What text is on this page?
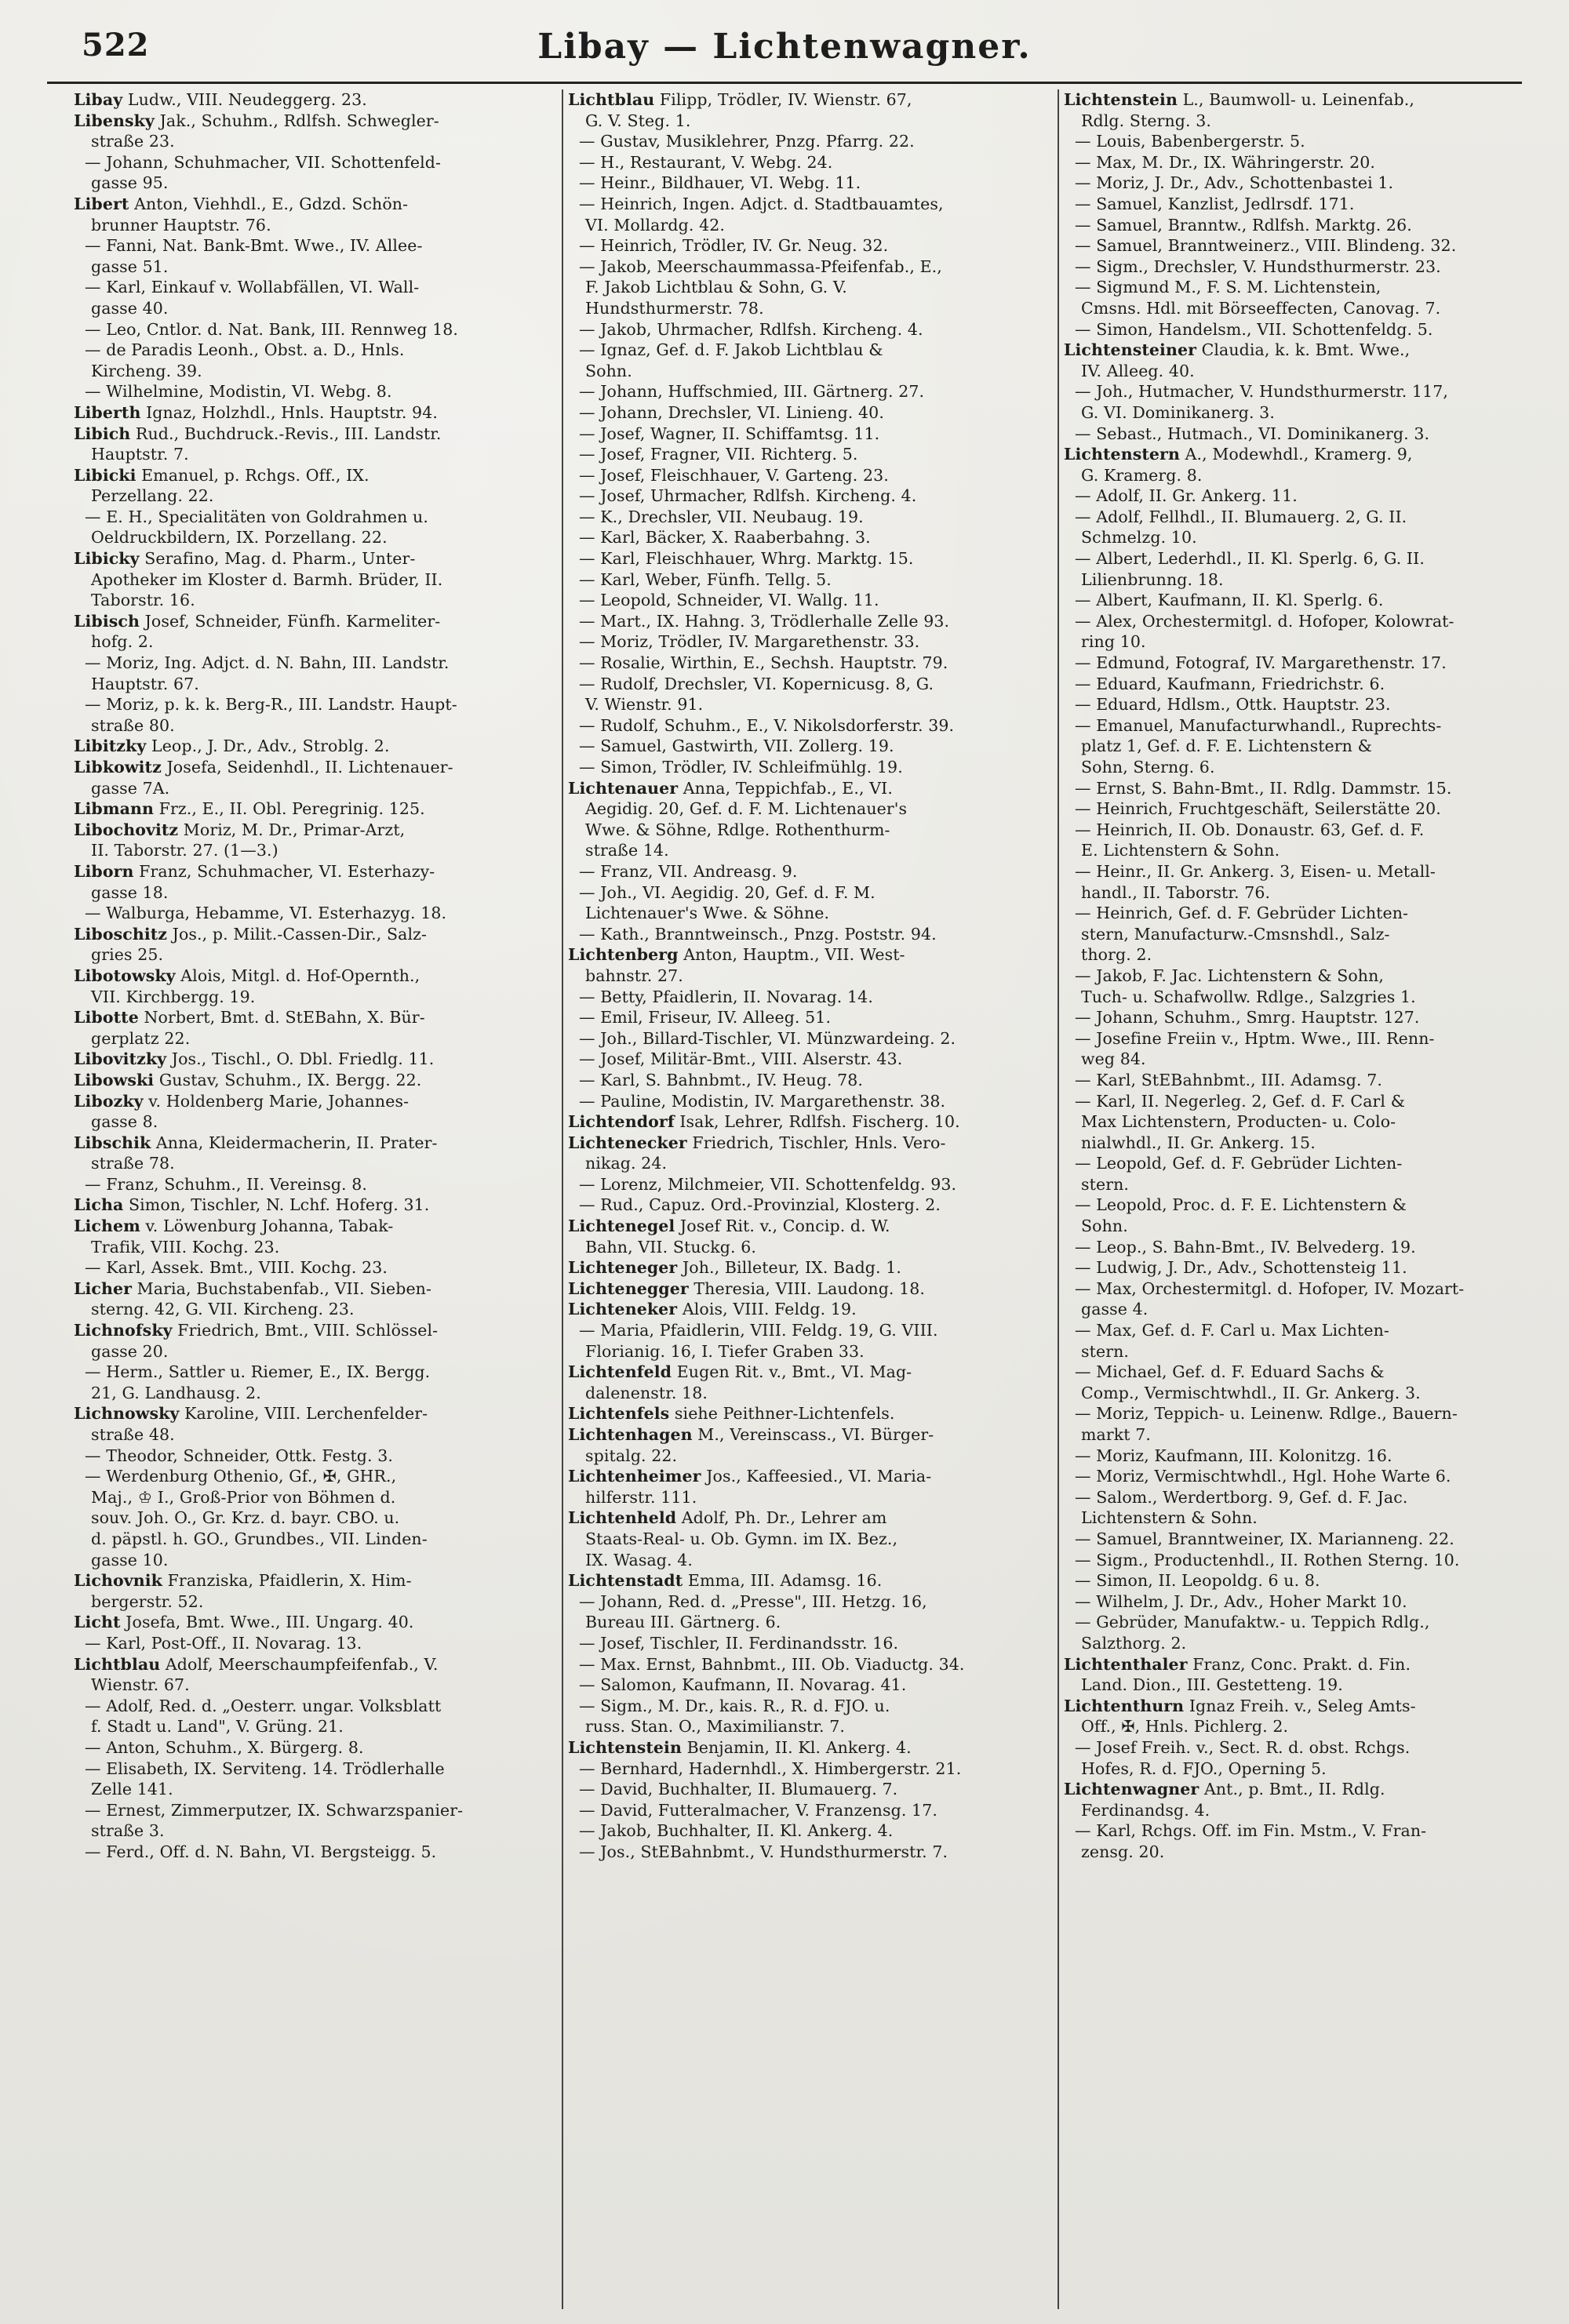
522	Libay — Lichtenwagner.
Libay Ludw., VIII. Neudeggerg. 23.
Libensky Jak., Schuhm., Rdlfsh. Schwegler-
straße 23.
— Johann, Schuhmacher, VII. Schottenfeld-
gasse 95.
Libert Anton, Viehhdl., E., Gdzd. Schön-
brunner Hauptstr. 76.
— Fanni, Nat. Bank-Bmt. Wwe., IV. Allee-
gasse 51.
— Karl, Einkauf v. Wollabfällen, VI. Wall-
gasse 40.
— Leo, Cntlor. d. Nat. Bank, III. Rennweg 18.
— de Paradis Leonh., Obst. a. D., Hnls.
Kircheng. 39.
— Wilhelmine, Modistin, VI. Webg. 8.
Liberth Ignaz, Holzhdl., Hnls. Hauptstr. 94.
Libich Rud., Buchdruck.-Revis., III. Landstr.
Hauptstr. 7.
Libicki Emanuel, p. Rchgs. Off., IX.
Perzellang. 22.
— E. H., Specialitäten von Goldrahmen u.
Oeldruckbildern, IX. Porzellang. 22.
Libicky Serafino, Mag. d. Pharm., Unter-
Apotheker im Kloster d. Barmh. Brüder, II.
Taborstr. 16.
Libisch Josef, Schneider, Fünfh. Karmeliter-
hofg. 2.
— Moriz, Ing. Adjct. d. N. Bahn, III. Landstr.
Hauptstr. 67.
— Moriz, p. k. k. Berg-R., III. Landstr. Haupt-
straße 80.
Libitzky Leop., J. Dr., Adv., Stroblg. 2.
Libkowitz Josefa, Seidenhdl., II. Lichtenauer-
gasse 7A.
Libmann Frz., E., II. Obl. Peregrinig. 125.
Libochovitz Moriz, M. Dr., Primar-Arzt,
II. Taborstr. 27. (1—3.)
Liborn Franz, Schuhmacher, VI. Esterhazy-
gasse 18.
— Walburga, Hebamme, VI. Esterhazyg. 18.
Liboschitz Jos., p. Milit.-Cassen-Dir., Salz-
gries 25.
Libotowsky Alois, Mitgl. d. Hof-Opernth.,
VII. Kirchbergg. 19.
Libotte Norbert, Bmt. d. StEBahn, X. Bür-
gerplatz 22.
Libovitzky Jos., Tischl., O. Dbl. Friedlg. 11.
Libowski Gustav, Schuhm., IX. Bergg. 22.
Libozky v. Holdenberg Marie, Johannes-
gasse 8.
Libschik Anna, Kleidermacherin, II. Prater-
straße 78.
— Franz, Schuhm., II. Vereinsg. 8.
Licha Simon, Tischler, N. Lchf. Hoferg. 31.
Lichem v. Löwenburg Johanna, Tabak-
Trafik, VIII. Kochg. 23.
— Karl, Assek. Bmt., VIII. Kochg. 23.
Licher Maria, Buchstabenfab., VII. Sieben-
sterng. 42, G. VII. Kircheng. 23.
Lichnofsky Friedrich, Bmt., VIII. Schlössel-
gasse 20.
— Herm., Sattler u. Riemer, E., IX. Bergg.
21, G. Landhausg. 2.
Lichnowsky Karoline, VIII. Lerchenfelder-
straße 48.
— Theodor, Schneider, Ottk. Festg. 3.
— Werdenburg Othenio, Gf., ✠, GHR.,
Maj., ♔ I., Groß-Prior von Böhmen d.
souv. Joh. O., Gr. Krz. d. bayr. CBO. u.
d. päpstl. h. GO., Grundbes., VII. Linden-
gasse 10.
Lichovnik Franziska, Pfaidlerin, X. Him-
bergerstr. 52.
Licht Josefa, Bmt. Wwe., III. Ungarg. 40.
— Karl, Post-Off., II. Novarag. 13.
Lichtblau Adolf, Meerschaumpfeifenfab., V.
Wienstr. 67.
— Adolf, Red. d. „Oesterr. ungar. Volksblatt
f. Stadt u. Land", V. Grüng. 21.
— Anton, Schuhm., X. Bürgerg. 8.
— Elisabeth, IX. Serviteng. 14. Trödlerhalle
Zelle 141.
— Ernest, Zimmerputzer, IX. Schwarzspanier-
straße 3.
— Ferd., Off. d. N. Bahn, VI. Bergsteigg. 5.
Lichtblau Filipp, Trödler, IV. Wienstr. 67,
G. V. Steg. 1.
— Gustav, Musiklehrer, Pnzg. Pfarrg. 22.
— H., Restaurant, V. Webg. 24.
— Heinr., Bildhauer, VI. Webg. 11.
— Heinrich, Ingen. Adjct. d. Stadtbauamtes,
VI. Mollardg. 42.
— Heinrich, Trödler, IV. Gr. Neug. 32.
— Jakob, Meerschaummassa-Pfeifenfab., E.,
F. Jakob Lichtblau & Sohn, G. V.
Hundsthurmerstr. 78.
— Jakob, Uhrmacher, Rdlfsh. Kircheng. 4.
— Ignaz, Gef. d. F. Jakob Lichtblau &
Sohn.
— Johann, Huffschmied, III. Gärtnerg. 27.
— Johann, Drechsler, VI. Linieng. 40.
— Josef, Wagner, II. Schiffamtsg. 11.
— Josef, Fragner, VII. Richterg. 5.
— Josef, Fleischhauer, V. Garteng. 23.
— Josef, Uhrmacher, Rdlfsh. Kircheng. 4.
— K., Drechsler, VII. Neubaug. 19.
— Karl, Bäcker, X. Raaberbahng. 3.
— Karl, Fleischhauer, Whrg. Marktg. 15.
— Karl, Weber, Fünfh. Tellg. 5.
— Leopold, Schneider, VI. Wallg. 11.
— Mart., IX. Hahng. 3, Trödlerhalle Zelle 93.
— Moriz, Trödler, IV. Margarethenstr. 33.
— Rosalie, Wirthin, E., Sechsh. Hauptstr. 79.
— Rudolf, Drechsler, VI. Kopernicusg. 8, G.
V. Wienstr. 91.
— Rudolf, Schuhm., E., V. Nikolsdorferstr. 39.
— Samuel, Gastwirth, VII. Zollerg. 19.
— Simon, Trödler, IV. Schleifmühlg. 19.
Lichtenauer Anna, Teppichfab., E., VI.
Aegidig. 20, Gef. d. F. M. Lichtenauer's
Wwe. & Söhne, Rdlge. Rothenthurm-
straße 14.
— Franz, VII. Andreasg. 9.
— Joh., VI. Aegidig. 20, Gef. d. F. M.
Lichtenauer's Wwe. & Söhne.
— Kath., Branntweinsch., Pnzg. Poststr. 94.
Lichtenberg Anton, Hauptm., VII. West-
bahnstr. 27.
— Betty, Pfaidlerin, II. Novarag. 14.
— Emil, Friseur, IV. Alleeg. 51.
— Joh., Billard-Tischler, VI. Münzwardeing. 2.
— Josef, Militär-Bmt., VIII. Alserstr. 43.
— Karl, S. Bahnbmt., IV. Heug. 78.
— Pauline, Modistin, IV. Margarethenstr. 38.
Lichtendorf Isak, Lehrer, Rdlfsh. Fischerg. 10.
Lichtenecker Friedrich, Tischler, Hnls. Vero-
nikag. 24.
— Lorenz, Milchmeier, VII. Schottenfeldg. 93.
— Rud., Capuz. Ord.-Provinzial, Klosterg. 2.
Lichtenegel Josef Rit. v., Concip. d. W.
Bahn, VII. Stuckg. 6.
Lichteneger Joh., Billeteur, IX. Badg. 1.
Lichtenegger Theresia, VIII. Laudong. 18.
Lichteneker Alois, VIII. Feldg. 19.
— Maria, Pfaidlerin, VIII. Feldg. 19, G. VIII.
Florianig. 16, I. Tiefer Graben 33.
Lichtenfeld Eugen Rit. v., Bmt., VI. Mag-
dalenenstr. 18.
Lichtenfels siehe Peithner-Lichtenfels.
Lichtenhagen M., Vereinscass., VI. Bürger-
spitalg. 22.
Lichtenheimer Jos., Kaffeesied., VI. Maria-
hilferstr. 111.
Lichtenheld Adolf, Ph. Dr., Lehrer am
Staats-Real- u. Ob. Gymn. im IX. Bez.,
IX. Wasag. 4.
Lichtenstadt Emma, III. Adamsg. 16.
— Johann, Red. d. „Presse", III. Hetzg. 16,
Bureau III. Gärtnerg. 6.
— Josef, Tischler, II. Ferdinandsstr. 16.
— Max. Ernst, Bahnbmt., III. Ob. Viaductg. 34.
— Salomon, Kaufmann, II. Novarag. 41.
— Sigm., M. Dr., kais. R., R. d. FJO. u.
russ. Stan. O., Maximilianstr. 7.
Lichtenstein Benjamin, II. Kl. Ankerg. 4.
— Bernhard, Hadernhdl., X. Himbergerstr. 21.
— David, Buchhalter, II. Blumauerg. 7.
— David, Futteralmacher, V. Franzensg. 17.
— Jakob, Buchhalter, II. Kl. Ankerg. 4.
— Jos., StEBahnbmt., V. Hundsthurmerstr. 7.
Lichtenstein L., Baumwoll- u. Leinenfab.,
Rdlg. Sterng. 3.
— Louis, Babenbergerstr. 5.
— Max, M. Dr., IX. Währingerstr. 20.
— Moriz, J. Dr., Adv., Schottenbastei 1.
— Samuel, Kanzlist, Jedlrsdf. 171.
— Samuel, Branntw., Rdlfsh. Marktg. 26.
— Samuel, Branntweinerz., VIII. Blindeng. 32.
— Sigm., Drechsler, V. Hundsthurmerstr. 23.
— Sigmund M., F. S. M. Lichtenstein,
Cmsns. Hdl. mit Börseeffecten, Canovag. 7.
— Simon, Handelsm., VII. Schottenfeldg. 5.
Lichtensteiner Claudia, k. k. Bmt. Wwe.,
IV. Alleeg. 40.
— Joh., Hutmacher, V. Hundsthurmerstr. 117,
G. VI. Dominikanerg. 3.
— Sebast., Hutmach., VI. Dominikanerg. 3.
Lichtenstern A., Modewhdl., Kramerg. 9,
G. Kramerg. 8.
— Adolf, II. Gr. Ankerg. 11.
— Adolf, Fellhdl., II. Blumauerg. 2, G. II.
Schmelzg. 10.
— Albert, Lederhdl., II. Kl. Sperlg. 6, G. II.
Lilienbrunng. 18.
— Albert, Kaufmann, II. Kl. Sperlg. 6.
— Alex, Orchestermitgl. d. Hofoper, Kolowrat-
ring 10.
— Edmund, Fotograf, IV. Margarethenstr. 17.
— Eduard, Kaufmann, Friedrichstr. 6.
— Eduard, Hdlsm., Ottk. Hauptstr. 23.
— Emanuel, Manufacturwhandl., Ruprechts-
platz 1, Gef. d. F. E. Lichtenstern &
Sohn, Sterng. 6.
— Ernst, S. Bahn-Bmt., II. Rdlg. Dammstr. 15.
— Heinrich, Fruchtgeschäft, Seilerstätte 20.
— Heinrich, II. Ob. Donaustr. 63, Gef. d. F.
E. Lichtenstern & Sohn.
— Heinr., II. Gr. Ankerg. 3, Eisen- u. Metall-
handl., II. Taborstr. 76.
— Heinrich, Gef. d. F. Gebrüder Lichten-
stern, Manufacturw.-Cmsnshdl., Salz-
thorg. 2.
— Jakob, F. Jac. Lichtenstern & Sohn,
Tuch- u. Schafwollw. Rdlge., Salzgries 1.
— Johann, Schuhm., Smrg. Hauptstr. 127.
— Josefine Freiin v., Hptm. Wwe., III. Renn-
weg 84.
— Karl, StEBahnbmt., III. Adamsg. 7.
— Karl, II. Negerleg. 2, Gef. d. F. Carl &
Max Lichtenstern, Producten- u. Colo-
nialwhdl., II. Gr. Ankerg. 15.
— Leopold, Gef. d. F. Gebrüder Lichten-
stern.
— Leopold, Proc. d. F. E. Lichtenstern &
Sohn.
— Leop., S. Bahn-Bmt., IV. Belvederg. 19.
— Ludwig, J. Dr., Adv., Schottensteig 11.
— Max, Orchestermitgl. d. Hofoper, IV. Mozart-
gasse 4.
— Max, Gef. d. F. Carl u. Max Lichten-
stern.
— Michael, Gef. d. F. Eduard Sachs &
Comp., Vermischtwhdl., II. Gr. Ankerg. 3.
— Moriz, Teppich- u. Leinenw. Rdlge., Bauern-
markt 7.
— Moriz, Kaufmann, III. Kolonitzg. 16.
— Moriz, Vermischtwhdl., Hgl. Hohe Warte 6.
— Salom., Werdertborg. 9, Gef. d. F. Jac.
Lichtenstern & Sohn.
— Samuel, Branntweiner, IX. Marianneng. 22.
— Sigm., Productenhdl., II. Rothen Sterng. 10.
— Simon, II. Leopoldg. 6 u. 8.
— Wilhelm, J. Dr., Adv., Hoher Markt 10.
— Gebrüder, Manufaktw.- u. Teppich Rdlg.,
Salzthorg. 2.
Lichtenthaler Franz, Conc. Prakt. d. Fin.
Land. Dion., III. Gestetteng. 19.
Lichtenthurn Ignaz Freih. v., Seleg Amts-
Off., ✠, Hnls. Pichlerg. 2.
— Josef Freih. v., Sect. R. d. obst. Rchgs.
Hofes, R. d. FJO., Operning 5.
Lichtenwagner Ant., p. Bmt., II. Rdlg.
Ferdinandsg. 4.
— Karl, Rchgs. Off. im Fin. Mstm., V. Fran-
zensg. 20.
